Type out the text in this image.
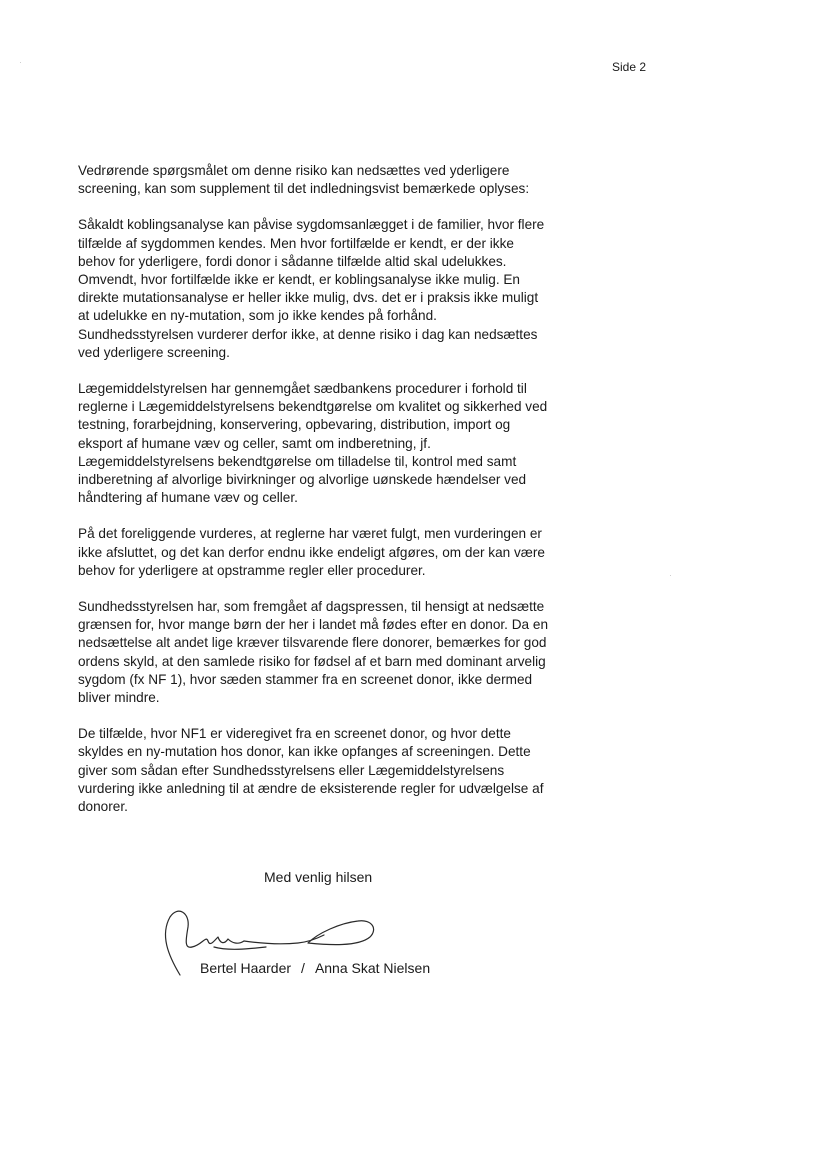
Side 2
Vedrørende spørgsmålet om denne risiko kan nedsættes ved yderligere
screening, kan som supplement til det indledningsvist bemærkede oplyses:
Såkaldt koblingsanalyse kan påvise sygdomsanlægget i de familier, hvor flere
tilfælde af sygdommen kendes. Men hvor fortilfælde er kendt, er der ikke
behov for yderligere, fordi donor i sådanne tilfælde altid skal udelukkes.
Omvendt, hvor fortilfælde ikke er kendt, er koblingsanalyse ikke mulig. En
direkte mutationsanalyse er heller ikke mulig, dvs. det er i praksis ikke muligt
at udelukke en ny-mutation, som jo ikke kendes på forhånd.
Sundhedsstyrelsen vurderer derfor ikke, at denne risiko i dag kan nedsættes
ved yderligere screening.
Lægemiddelstyrelsen har gennemgået sædbankens procedurer i forhold til
reglerne i Lægemiddelstyrelsens bekendtgørelse om kvalitet og sikkerhed ved
testning, forarbejdning, konservering, opbevaring, distribution, import og
eksport af humane væv og celler, samt om indberetning, jf.
Lægemiddelstyrelsens bekendtgørelse om tilladelse til, kontrol med samt
indberetning af alvorlige bivirkninger og alvorlige uønskede hændelser ved
håndtering af humane væv og celler.
På det foreliggende vurderes, at reglerne har været fulgt, men vurderingen er
ikke afsluttet, og det kan derfor endnu ikke endeligt afgøres, om der kan være
behov for yderligere at opstramme regler eller procedurer.
Sundhedsstyrelsen har, som fremgået af dagspressen, til hensigt at nedsætte
grænsen for, hvor mange børn der her i landet må fødes efter en donor. Da en
nedsættelse alt andet lige kræver tilsvarende flere donorer, bemærkes for god
ordens skyld, at den samlede risiko for fødsel af et barn med dominant arvelig
sygdom (fx NF 1), hvor sæden stammer fra en screenet donor, ikke dermed
bliver mindre.
De tilfælde, hvor NF1 er videregivet fra en screenet donor, og hvor dette
skyldes en ny-mutation hos donor, kan ikke opfanges af screeningen. Dette
giver som sådan efter Sundhedsstyrelsens eller Lægemiddelstyrelsens
vurdering ikke anledning til at ændre de eksisterende regler for udvælgelse af
donorer.
Med venlig hilsen
Bertel Haarder / Anna Skat Nielsen
